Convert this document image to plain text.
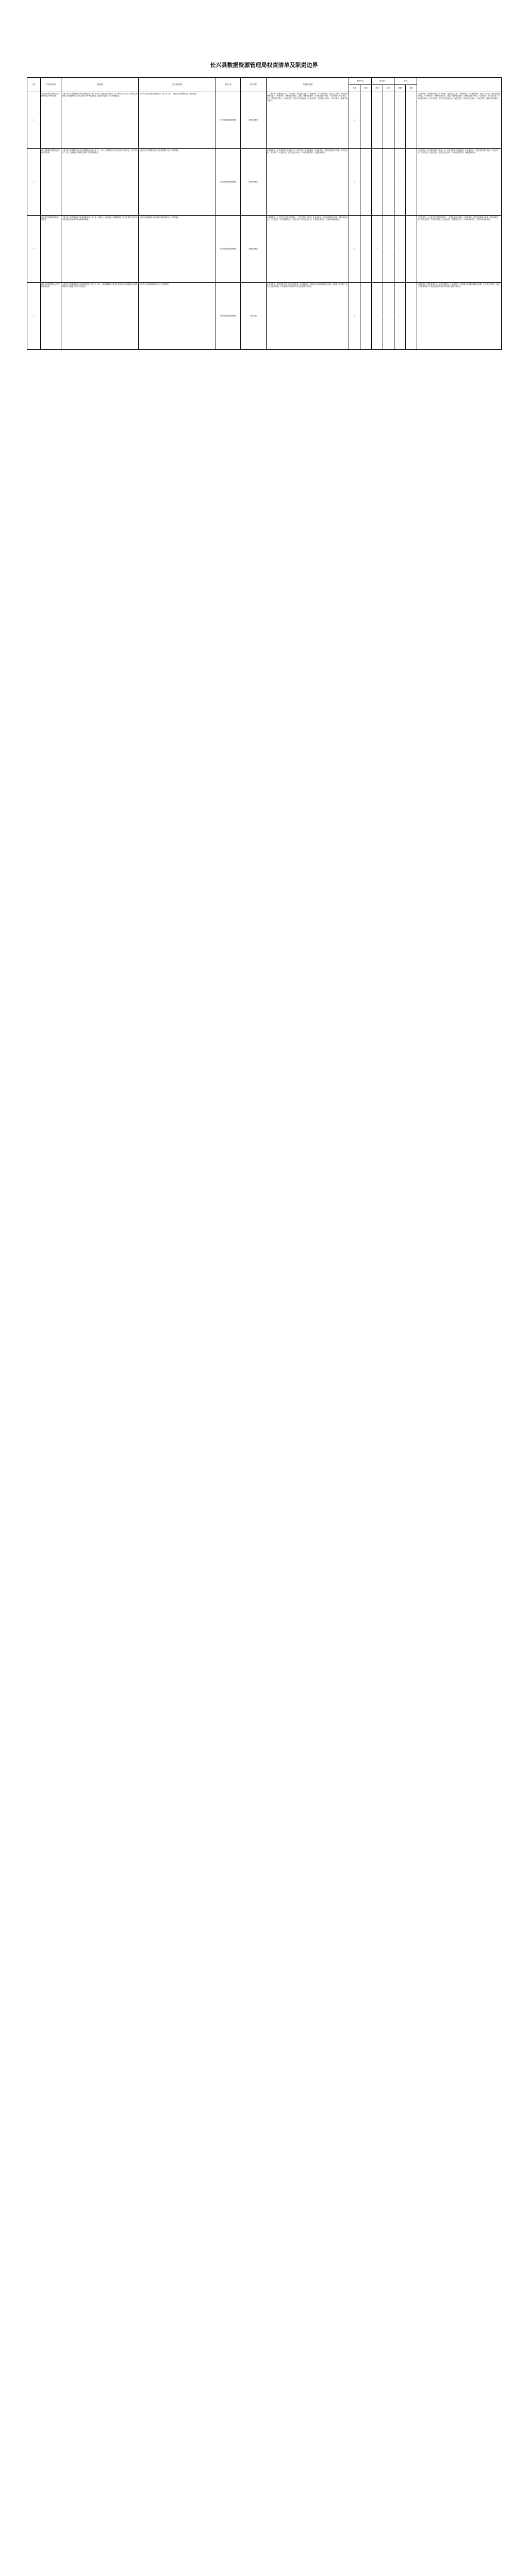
长兴县数据资源管理局权责清单及职责边界
序号	权力事项名称	实施依据	责任事项依据	实施主体	权力类型	责任事项依据	承担单位		相关部门		其他		
							受理	审查	决定	送达	受理	审查	
1	对违反政务信息资源共享管理规定行为的处理	《浙江省公共数据和电子政务管理办法》第三十七条：违反本办法规定，有下列行为之一的，由本级人民政府公共数据和电子政务主管部门责令限期改正；逾期不改正的，给予通报批评。	《中华人民共和国行政处罚法》第三十八条、《浙江省行政程序办法》相关规定	长兴县数据资源管理局	其他行政权力	1.立案责任：发现违法行为，予以审查，决定是否立案。2.调查责任：对立案的案件，指定专人负责，及时组织调查取证。3.审查责任：对案件违法事实、证据、调查取证程序、法律适用进行审查。4.告知责任：作出决定前，书面告知当事人。5.决定责任：依法作出处理决定。6.送达责任：依法送达当事人。7.执行责任：监督当事人履行。	√		√		√		1.立案责任：发现违法行为，予以审查，决定是否立案。2.调查责任：对立案的案件，指定专人负责，及时组织调查取证。3.审查责任：对案件违法事实、证据、调查取证程序、法律适用进行审查。4.告知责任：作出决定前，书面告知当事人。5.决定责任：依法作出处理决定。6.送达责任：依法送达当事人。7.执行责任：监督当事人履行。
2	对公共数据开放利用违规行为的处理	《浙江省公共数据开放与安全管理暂行办法》第三十一条：公共数据开放主体违反本办法规定，有下列行为之一的，由本级公共数据主管部门责令限期改正。	《浙江省公共数据开放与安全管理暂行办法》相关规定	长兴县数据资源管理局	其他行政权力	1.受理责任：依法受理或不予受理，并一次性告知不予受理理由。2.审查责任：对提交材料进行审查。3.决定责任：作出决定。4.送达责任：依法送达当事人。5.事后监管责任：加强监督检查。	√		√		√		1.受理责任：依法受理或不予受理，并一次性告知不予受理理由。2.审查责任：对提交材料进行审查。3.决定责任：作出决定。4.送达责任：依法送达当事人。5.事后监管责任：加强监督检查。
3	对政务信息系统建设项目的审核	《浙江省公共数据和电子政务管理办法》第十条：县级以上人民政府公共数据和电子政务主管部门负责本行政区域内电子政务项目的统筹管理。	《浙江省省级政务信息化项目建设管理办法》相关规定	长兴县数据资源管理局	其他行政权力	1.受理责任：公示依法应当提交的材料；一次性告知补正材料。2.审查责任：对申请材料进行审查，提出审核意见。3.决定责任：作出审核决定。4.送达责任：制发送达文书。5.事后监管责任：开展项目监督检查。	√		√		√		1.受理责任：公示依法应当提交的材料；一次性告知补正材料。2.审查责任：对申请材料进行审查，提出审核意见。3.决定责任：作出审核决定。4.送达责任：制发送达文书。5.事后监管责任：开展项目监督检查。
4	对电子政务网络运行安全的监督检查	《浙江省公共数据和电子政务管理办法》第三十二条：公共数据和电子政务主管部门应当加强对电子政务网络和公共数据平台的安全监督。	《中华人民共和国网络安全法》相关规定	长兴县数据资源管理局	行政检查	1.检查责任：制定检查计划，依法开展检查。2.处置责任：对检查中发现的问题依法处理。3.信息公开责任：依法公开检查结果。4.其他法律法规规章文件规定应履行的责任。	√		√		√		1.检查责任：制定检查计划，依法开展检查。2.处置责任：对检查中发现的问题依法处理。3.信息公开责任：依法公开检查结果。4.其他法律法规规章文件规定应履行的责任。
